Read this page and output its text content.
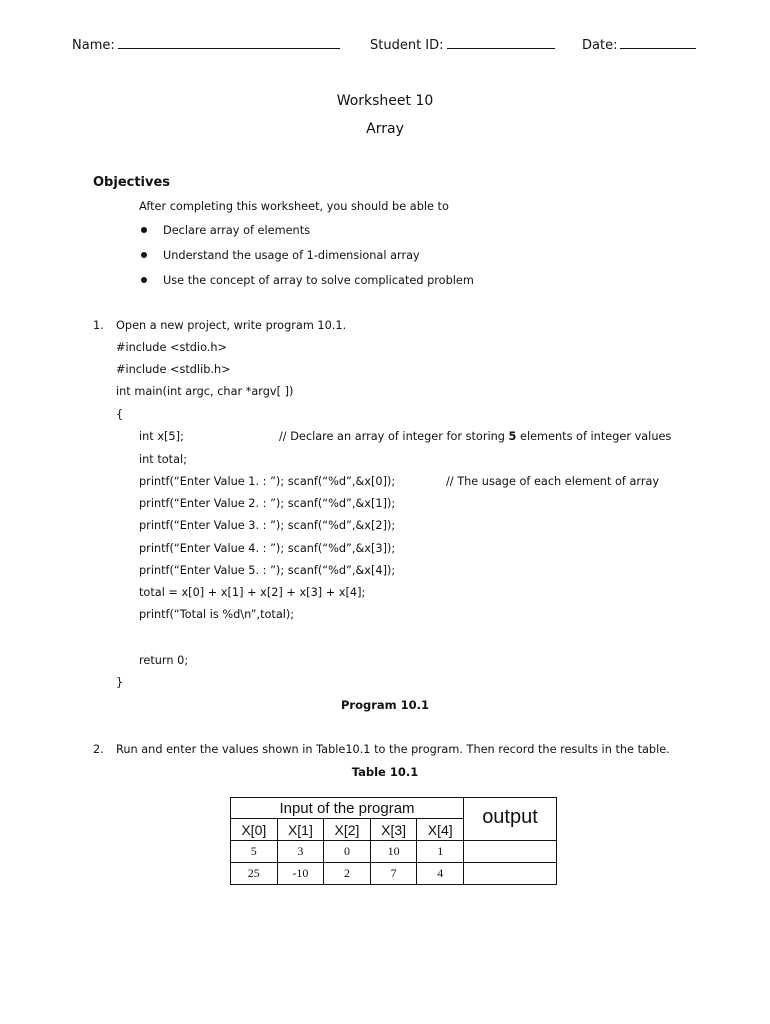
Name:	Student ID:	Date:
Worksheet 10
Array
Objectives
After completing this worksheet, you should be able to
Declare array of elements
Understand the usage of 1-dimensional array
Use the concept of array to solve complicated problem
1. Open a new project, write program 10.1.
#include <stdio.h>
#include <stdlib.h>
int main(int argc, char *argv[ ])
{
int x[5];	// Declare an array of integer for storing 5 elements of integer values
int total;
printf(“Enter Value 1. : ”); scanf(“%d”,&x[0]);	// The usage of each element of array
printf(“Enter Value 2. : ”); scanf(“%d”,&x[1]);
printf(“Enter Value 3. : ”); scanf(“%d”,&x[2]);
printf(“Enter Value 4. : ”); scanf(“%d”,&x[3]);
printf(“Enter Value 5. : ”); scanf(“%d”,&x[4]);
total = x[0] + x[1] + x[2] + x[3] + x[4];
printf(“Total is %d\n”,total);
return 0;
}
Program 10.1
2. Run and enter the values shown in Table10.1 to the program. Then record the results in the table.
Table 10.1
Input of the program					output
X[0]	X[1]	X[2]	X[3]	X[4]	
5	3	0	10	1	
25	-10	2	7	4	
